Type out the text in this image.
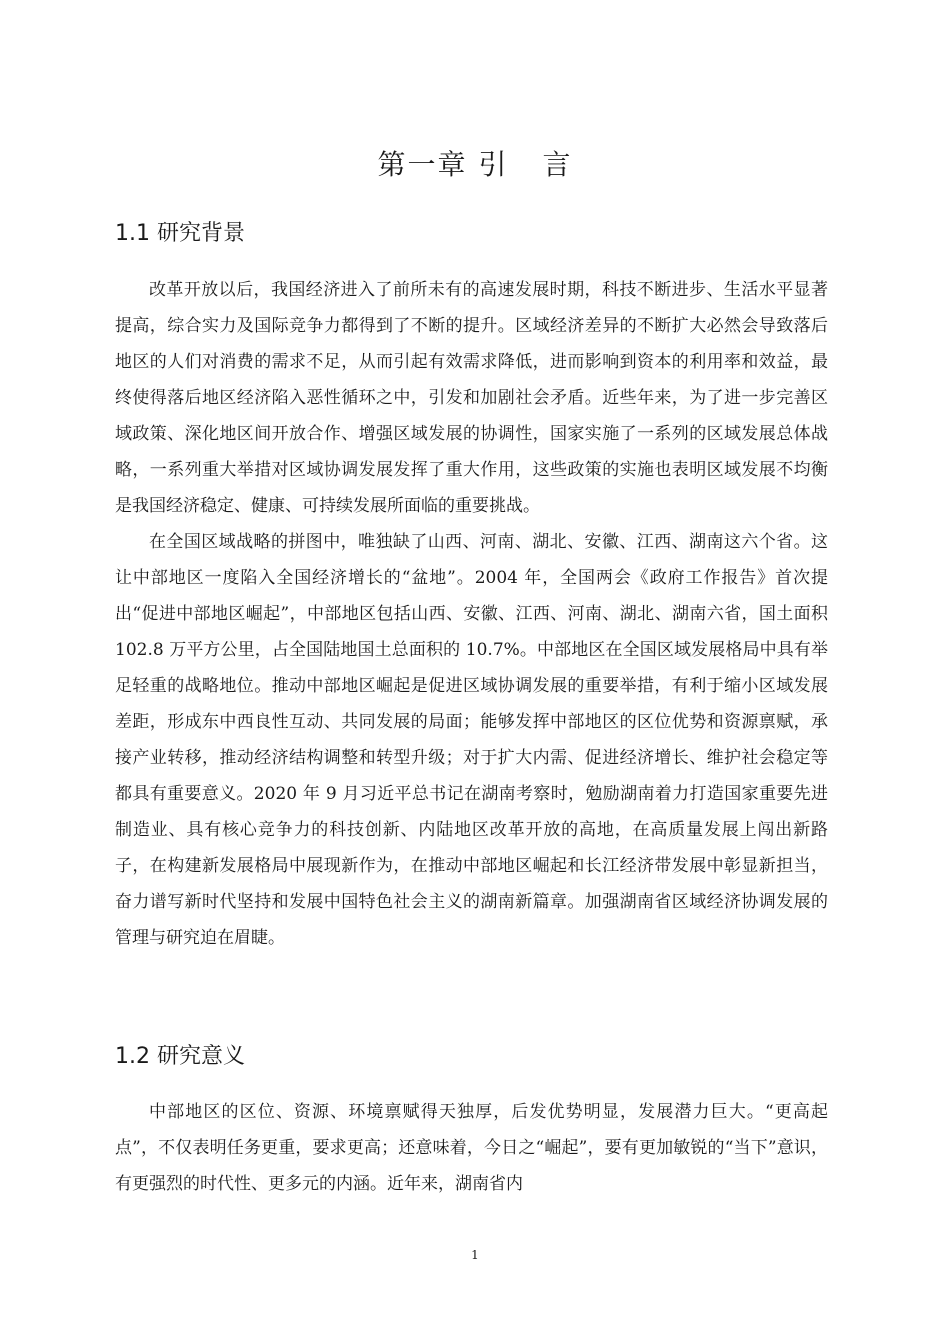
第一章 引 言
1.1 研究背景

改革开放以后，我国经济进入了前所未有的高速发展时期，科技不断进步、生活水平显著提高，综合实力及国际竞争力都得到了不断的提升。区域经济差异的不断扩大必然会导致落后地区的人们对消费的需求不足，从而引起有效需求降低，进而影响到资本的利用率和效益，最终使得落后地区经济陷入恶性循环之中，引发和加剧社会矛盾。近些年来，为了进一步完善区域政策、深化地区间开放合作、增强区域发展的协调性，国家实施了一系列的区域发展总体战略，一系列重大举措对区域协调发展发挥了重大作用，这些政策的实施也表明区域发展不均衡是我国经济稳定、健康、可持续发展所面临的重要挑战。

在全国区域战略的拼图中，唯独缺了山西、河南、湖北、安徽、江西、湖南这六个省。这让中部地区一度陷入全国经济增长的“盆地”。2004 年，全国两会《政府工作报告》首次提出“促进中部地区崛起”，中部地区包括山西、安徽、江西、河南、湖北、湖南六省，国土面积 102.8 万平方公里，占全国陆地国土总面积的 10.7%。中部地区在全国区域发展格局中具有举足轻重的战略地位。推动中部地区崛起是促进区域协调发展的重要举措，有利于缩小区域发展差距，形成东中西良性互动、共同发展的局面；能够发挥中部地区的区位优势和资源禀赋，承接产业转移，推动经济结构调整和转型升级；对于扩大内需、促进经济增长、维护社会稳定等都具有重要意义。2020 年 9 月习近平总书记在湖南考察时，勉励湖南着力打造国家重要先进制造业、具有核心竞争力的科技创新、内陆地区改革开放的高地，在高质量发展上闯出新路子，在构建新发展格局中展现新作为，在推动中部地区崛起和长江经济带发展中彰显新担当，奋力谱写新时代坚持和发展中国特色社会主义的湖南新篇章。加强湖南省区域经济协调发展的管理与研究迫在眉睫。

1.2 研究意义

中部地区的区位、资源、环境禀赋得天独厚，后发优势明显，发展潜力巨大。“更高起点”，不仅表明任务更重，要求更高；还意味着，今日之“崛起”，要有更加敏锐的“当下”意识，有更强烈的时代性、更多元的内涵。近年来，湖南省内

1
